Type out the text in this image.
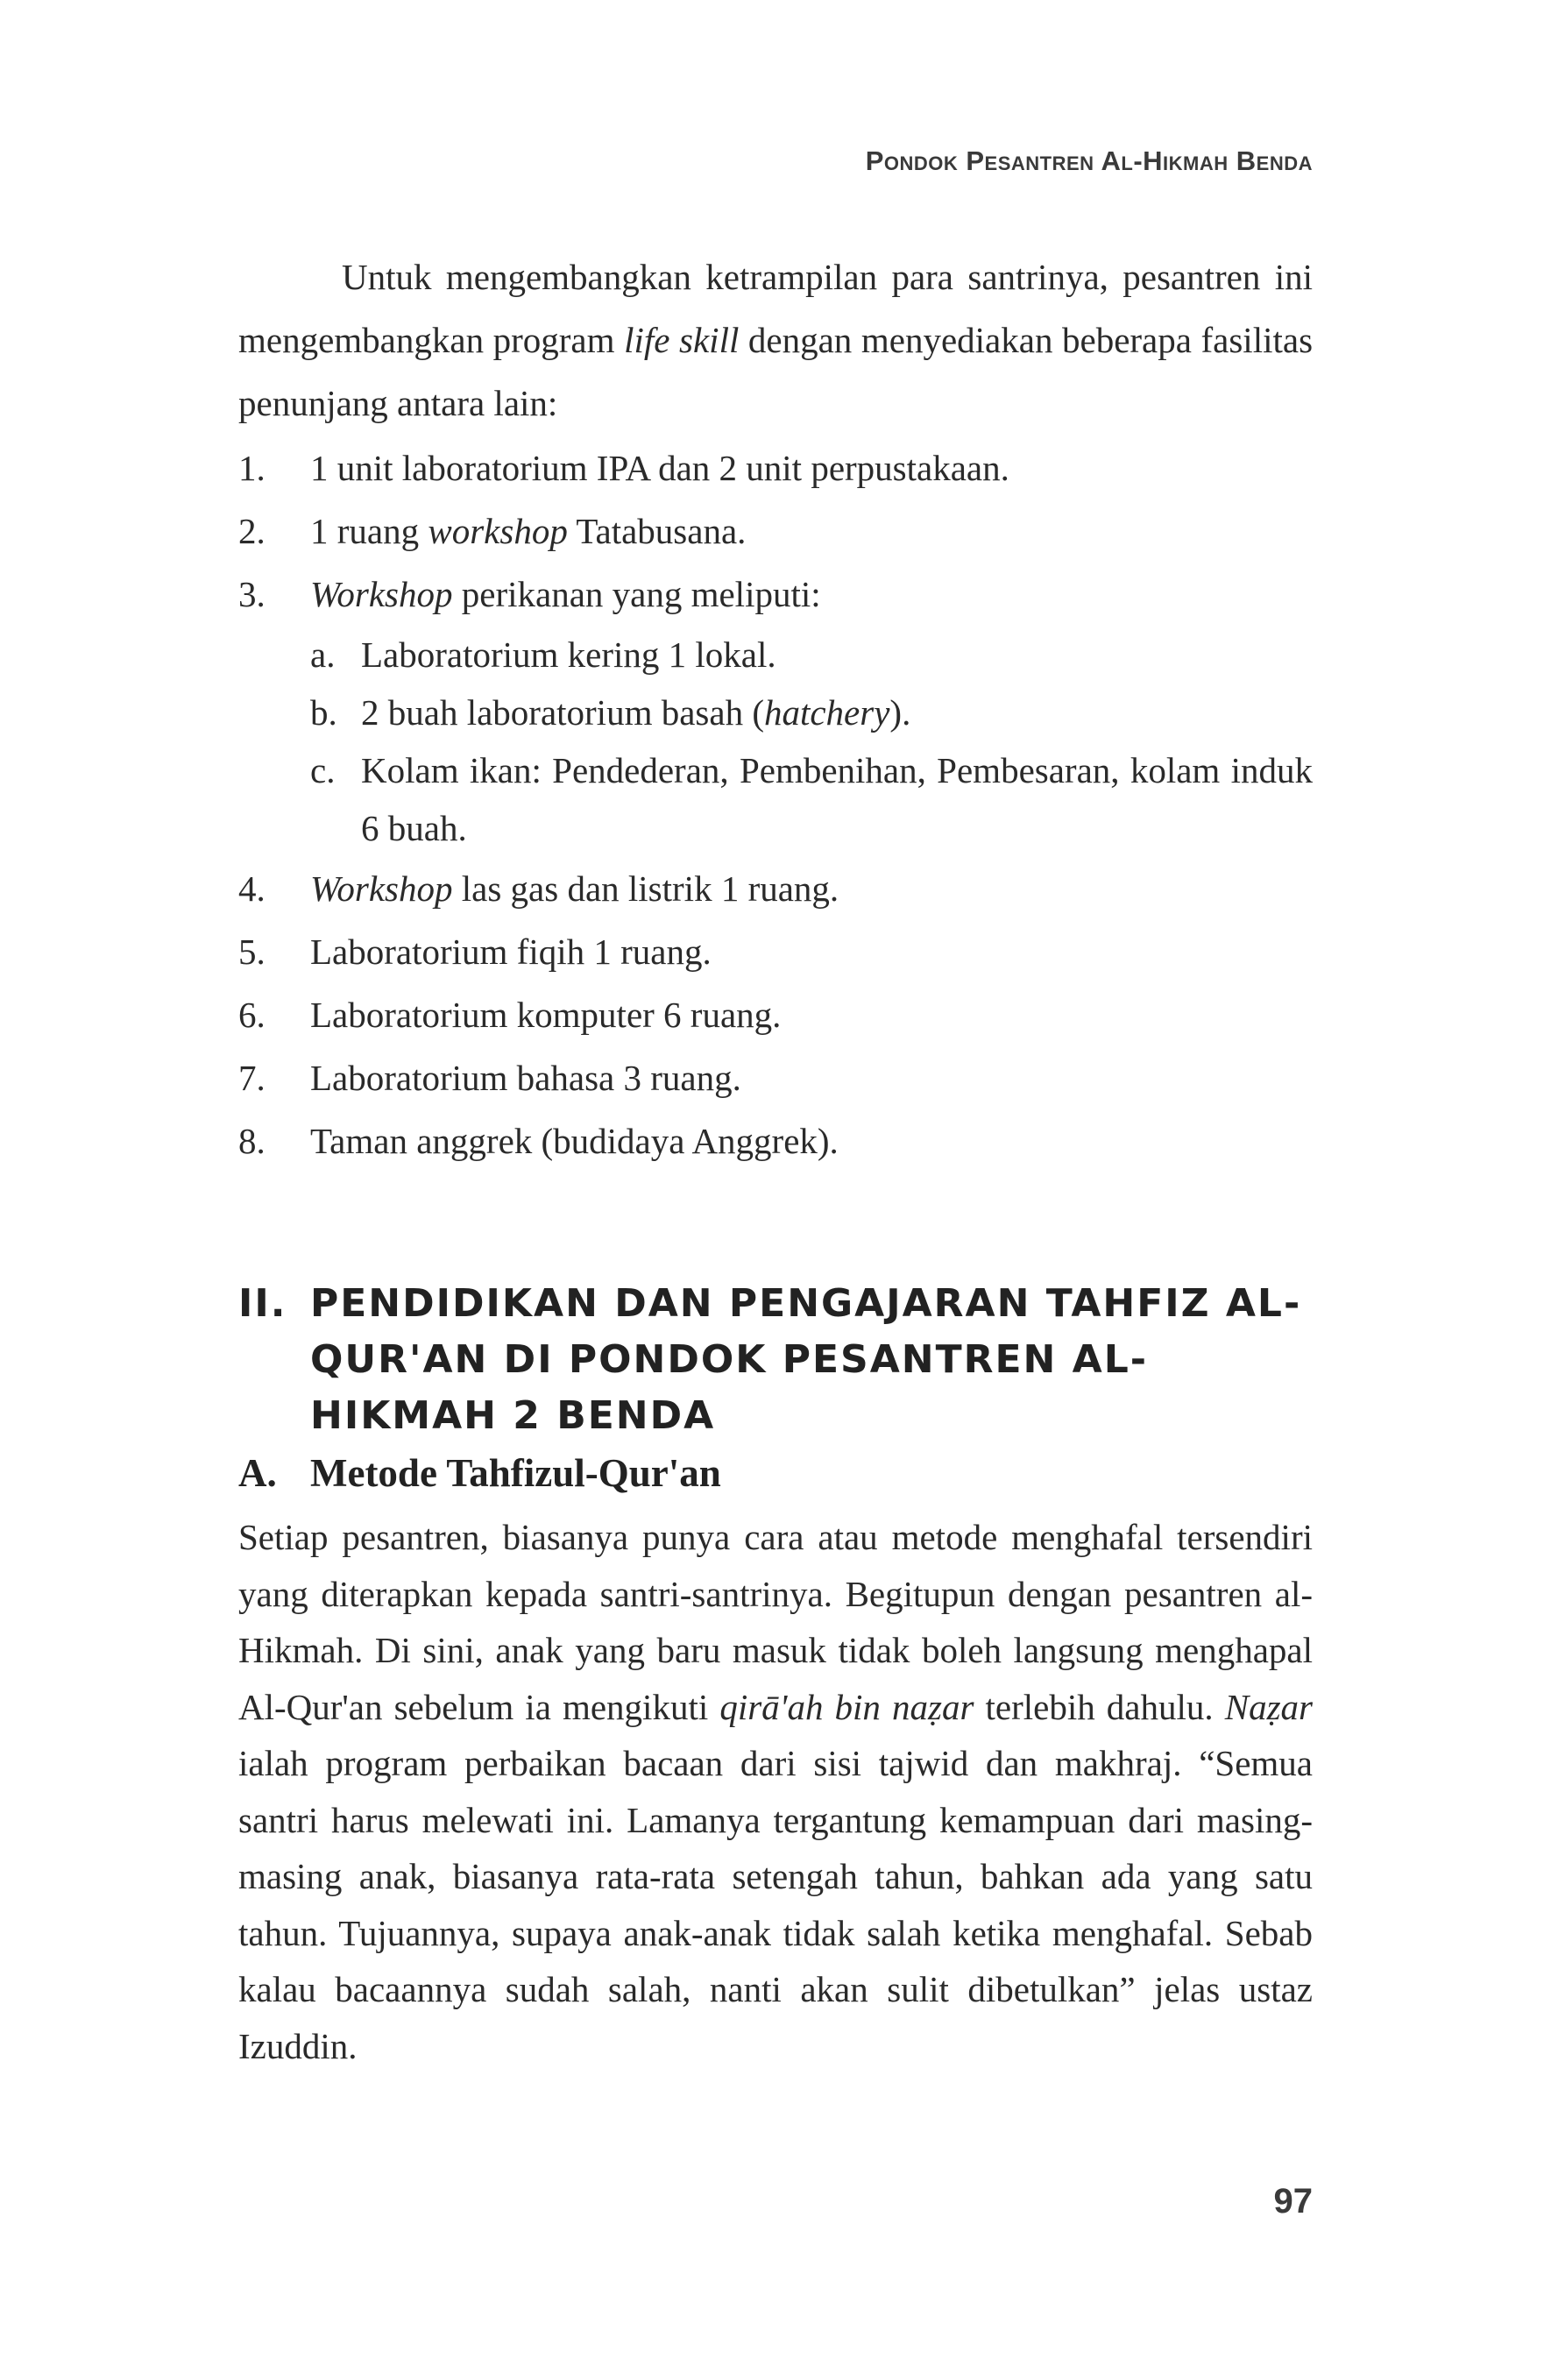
Pondok Pesantren Al-Hikmah Benda

Untuk mengembangkan ketrampilan para santrinya, pesantren ini mengembangkan program life skill dengan menyediakan beberapa fasilitas penunjang antara lain:

1. 1 unit laboratorium IPA dan 2 unit perpustakaan.
2. 1 ruang workshop Tatabusana.
3. Workshop perikanan yang meliputi:
a. Laboratorium kering 1 lokal.
b. 2 buah laboratorium basah (hatchery).
c. Kolam ikan: Pendederan, Pembenihan, Pembesaran, kolam induk 6 buah.
4. Workshop las gas dan listrik 1 ruang.
5. Laboratorium fiqih 1 ruang.
6. Laboratorium komputer 6 ruang.
7. Laboratorium bahasa 3 ruang.
8. Taman anggrek (budidaya Anggrek).
II. PENDIDIKAN DAN PENGAJARAN TAHFIZ AL-QUR'AN DI PONDOK PESANTREN AL-HIKMAH 2 BENDA
A. Metode Tahfizul-Qur'an

Setiap pesantren, biasanya punya cara atau metode menghafal tersendiri yang diterapkan kepada santri-santrinya. Begitupun dengan pesantren al-Hikmah. Di sini, anak yang baru masuk tidak boleh langsung menghapal Al-Qur'an sebelum ia mengikuti qirā'ah bin naẓar terlebih dahulu. Naẓar ialah program perbaikan bacaan dari sisi tajwid dan makhraj. “Semua santri harus melewati ini. Lamanya tergantung kemampuan dari masing-masing anak, biasanya rata-rata setengah tahun, bahkan ada yang satu tahun. Tujuannya, supaya anak-anak tidak salah ketika menghafal. Sebab kalau bacaannya sudah salah, nanti akan sulit dibetulkan” jelas ustaz Izuddin.

97
